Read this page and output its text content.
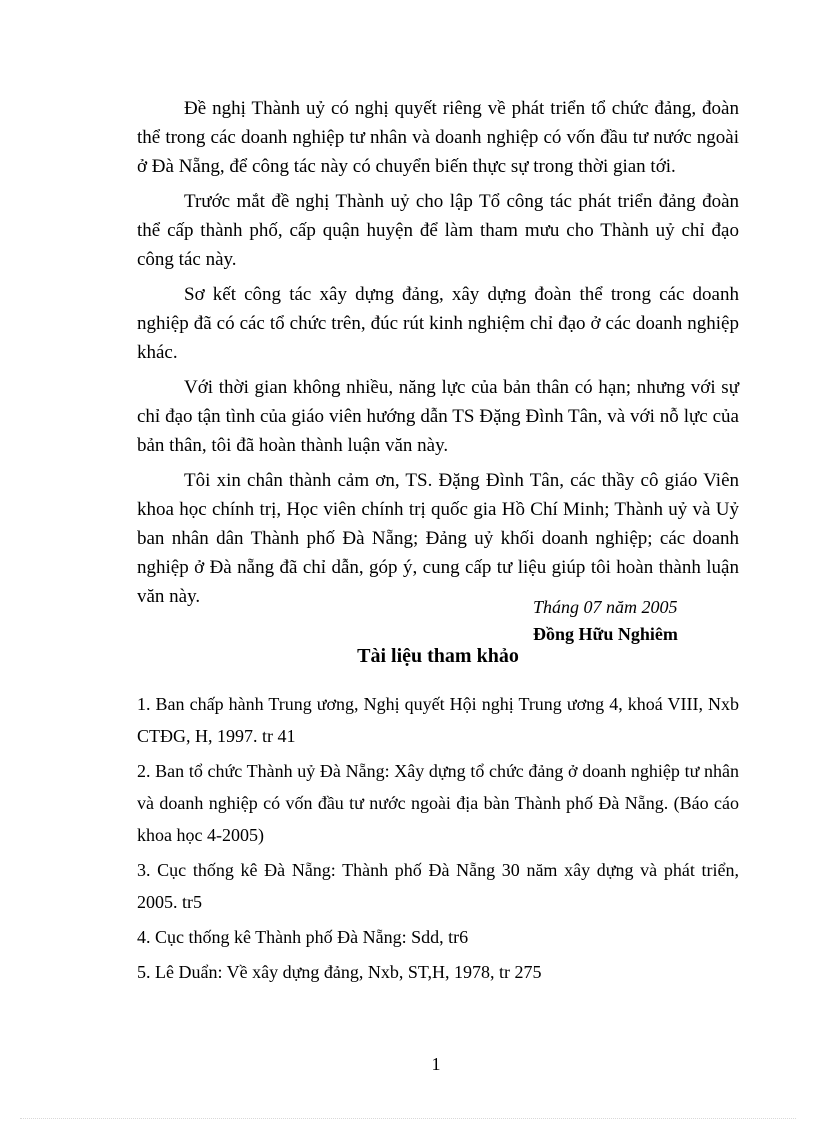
Đề nghị Thành uỷ có nghị quyết riêng về phát triển tổ chức đảng, đoàn thể trong các doanh nghiệp tư nhân và doanh nghiệp có vốn đầu tư nước ngoài ở Đà Nẵng, để công tác này có chuyển biến thực sự trong thời gian tới.

Trước mắt đề nghị Thành uỷ cho lập Tổ công tác phát triển đảng đoàn thể cấp thành phố, cấp quận huyện để làm tham mưu cho Thành uỷ chỉ đạo công tác này.

Sơ kết công tác xây dựng đảng, xây dựng đoàn thể trong các doanh nghiệp đã có các tổ chức trên, đúc rút kinh nghiệm chỉ đạo ở các doanh nghiệp khác.

Với thời gian không nhiều, năng lực của bản thân có hạn; nhưng với sự chỉ đạo tận tình của giáo viên hướng dẫn TS Đặng Đình Tân, và với nỗ lực của bản thân, tôi đã hoàn thành luận văn này.

Tôi xin chân thành cảm ơn, TS. Đặng Đình Tân, các thầy cô giáo Viên khoa học chính trị, Học viên chính trị quốc gia Hồ Chí Minh; Thành uỷ và Uỷ ban nhân dân Thành phố Đà Nẵng; Đảng uỷ khối doanh nghiệp; các doanh nghiệp ở Đà nẵng đã chỉ dẫn, góp ý, cung cấp tư liệu giúp tôi hoàn thành luận văn này.	Tháng 07 năm 2005
Đồng Hữu Nghiêm
Tài liệu tham khảo
1. Ban chấp hành Trung ương, Nghị quyết Hội nghị Trung ương 4, khoá VIII, Nxb CTĐG, H, 1997. tr 41
2. Ban tổ chức Thành uỷ Đà Nẵng: Xây dựng tổ chức đảng ở doanh nghiệp tư nhân và doanh nghiệp có vốn đầu tư nước ngoài địa bàn Thành phố Đà Nẵng. (Báo cáo khoa học 4-2005)
3. Cục thống kê Đà Nẵng: Thành phố Đà Nẵng 30 năm xây dựng và phát triển, 2005. tr5
4. Cục thống kê Thành phố Đà Nẵng: Sdd, tr6
5. Lê Duẩn: Về xây dựng đảng, Nxb, ST,H, 1978, tr 275
1
